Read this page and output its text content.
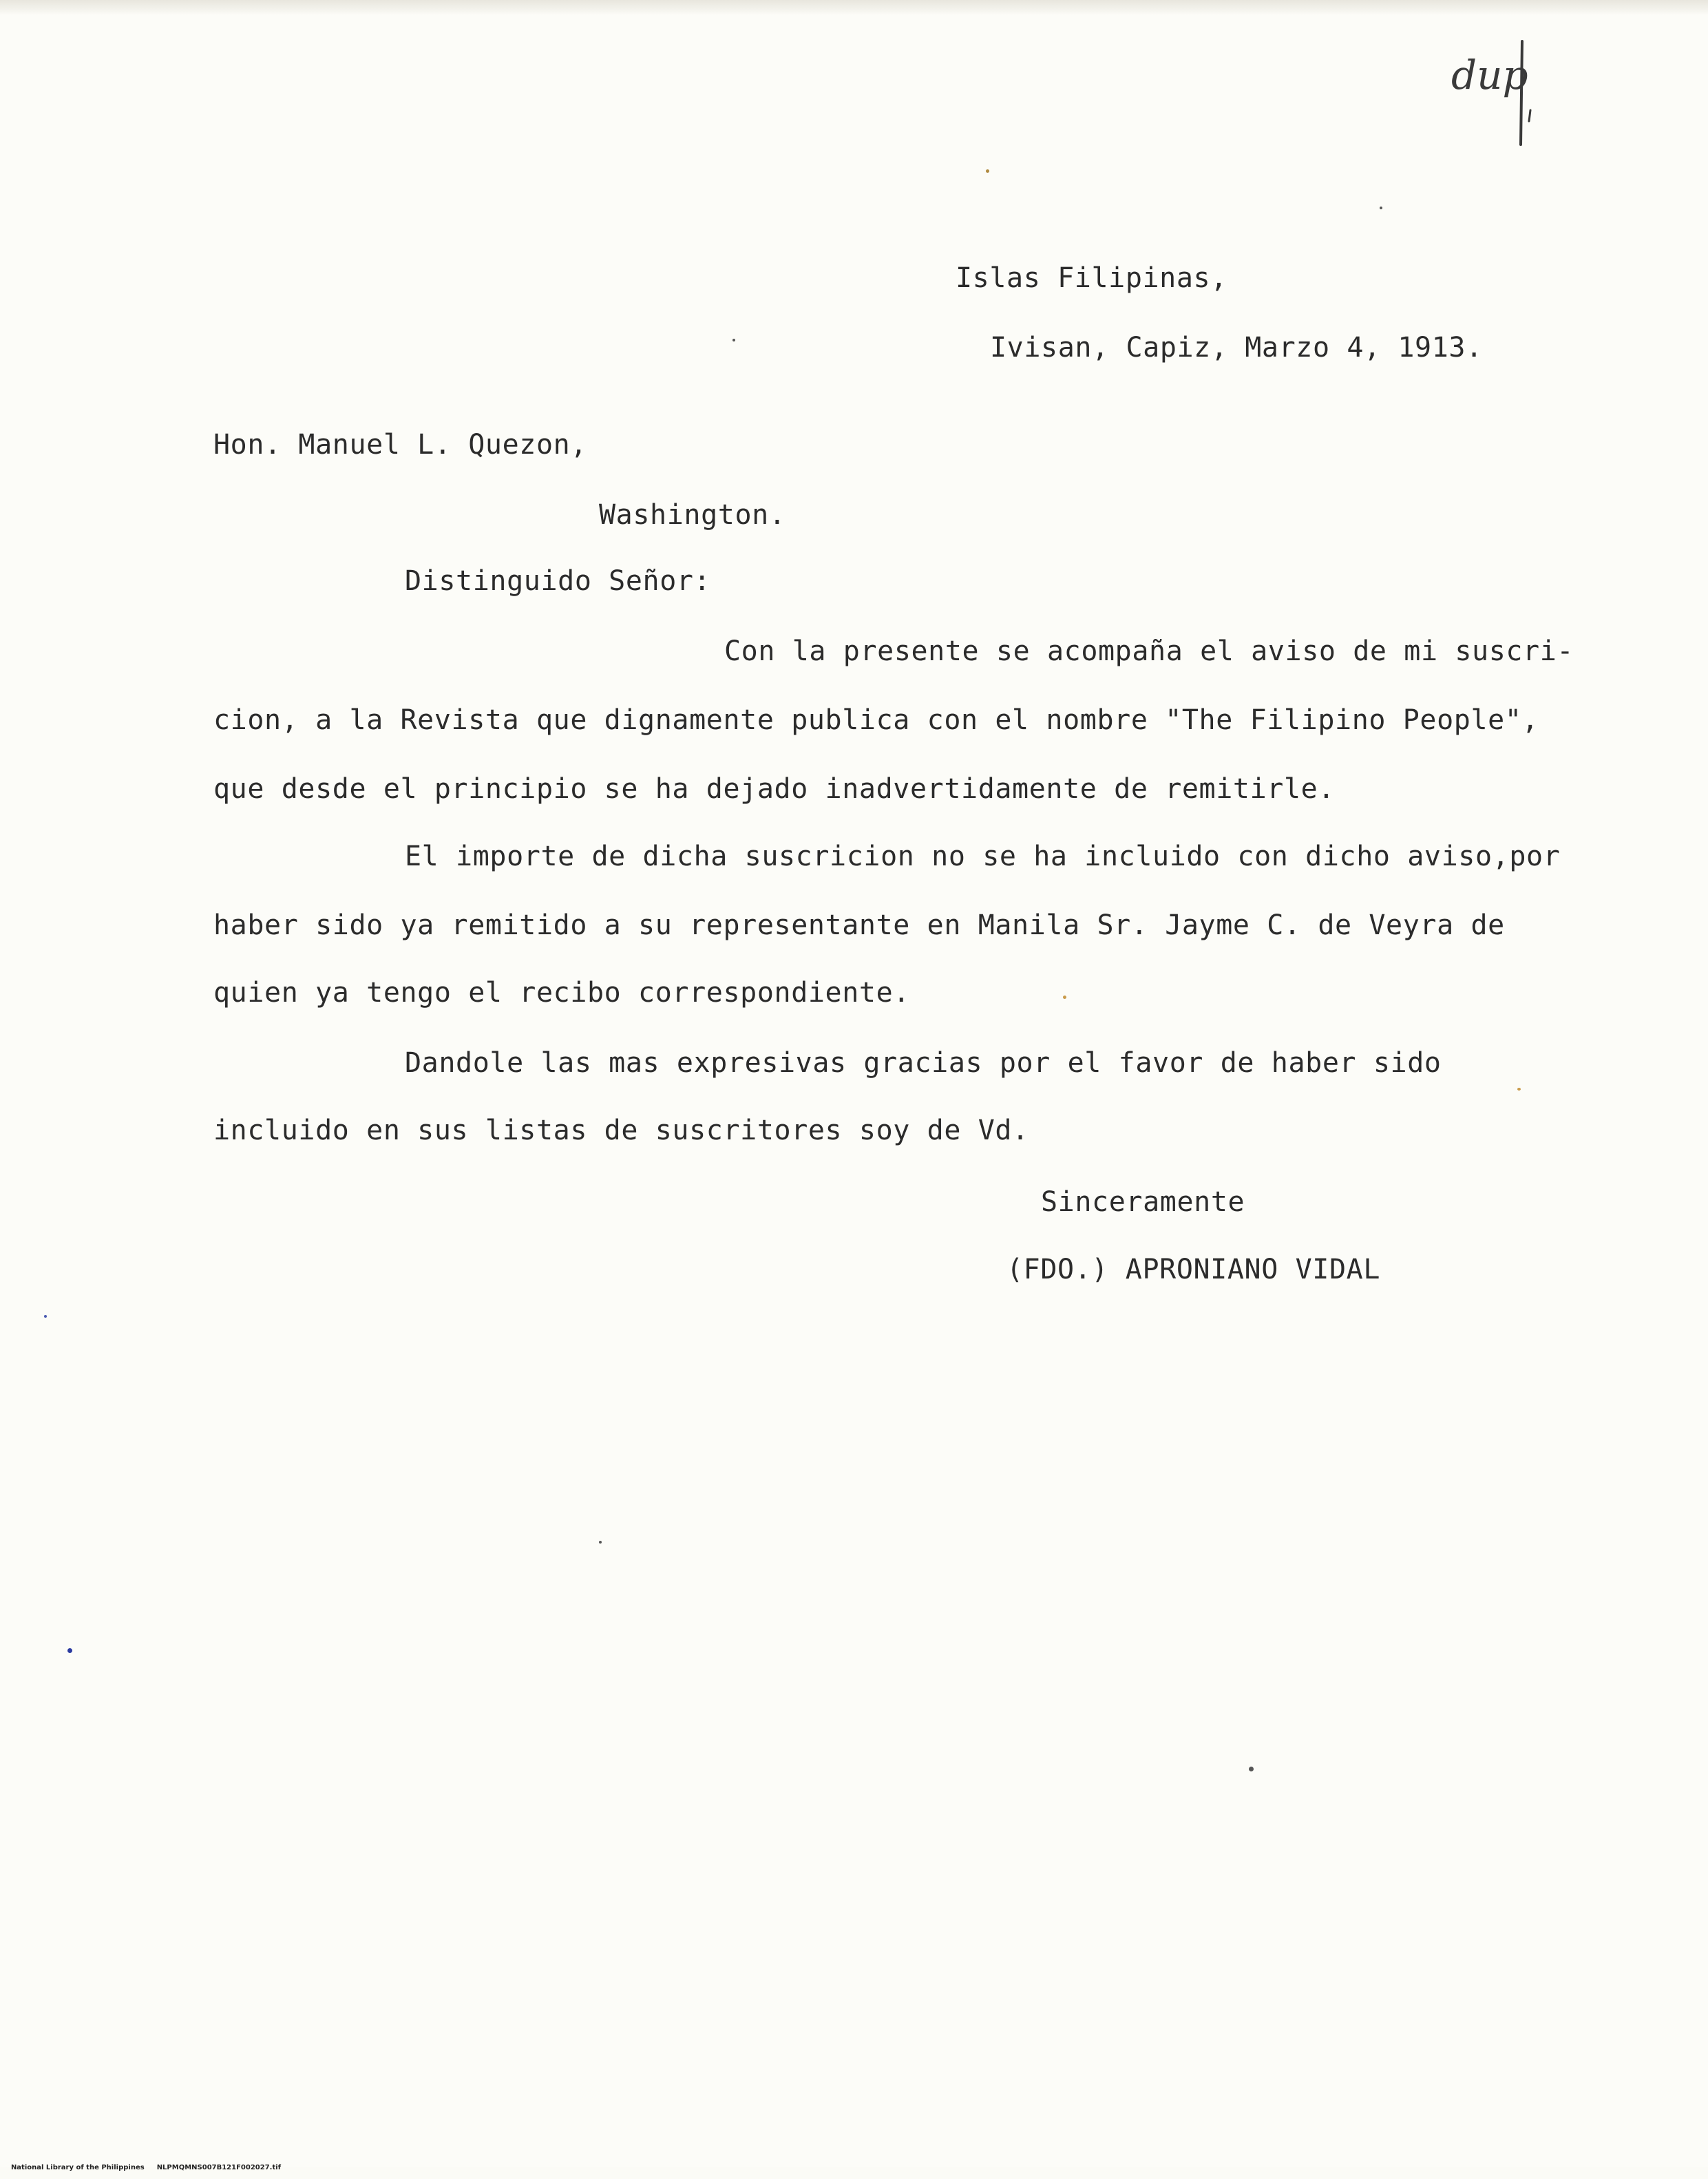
dup
Islas Filipinas,
Ivisan, Capiz, Marzo 4, 1913.
Hon. Manuel L. Quezon,
Washington.
Distinguido Señor:
Con la presente se acompaña el aviso de mi suscri-
cion, a la Revista que dignamente publica con el nombre "The Filipino People",
que desde el principio se ha dejado inadvertidamente de remitirle.
El importe de dicha suscricion no se ha incluido con dicho aviso,por
haber sido ya remitido a su representante en Manila Sr. Jayme C. de Veyra de
quien ya tengo el recibo correspondiente.
Dandole las mas expresivas gracias por el favor de haber sido
incluido en sus listas de suscritores soy de Vd.
Sinceramente
(FDO.) APRONIANO VIDAL

National Library of the Philippines NLPMQMNS007B121F002027.tif
